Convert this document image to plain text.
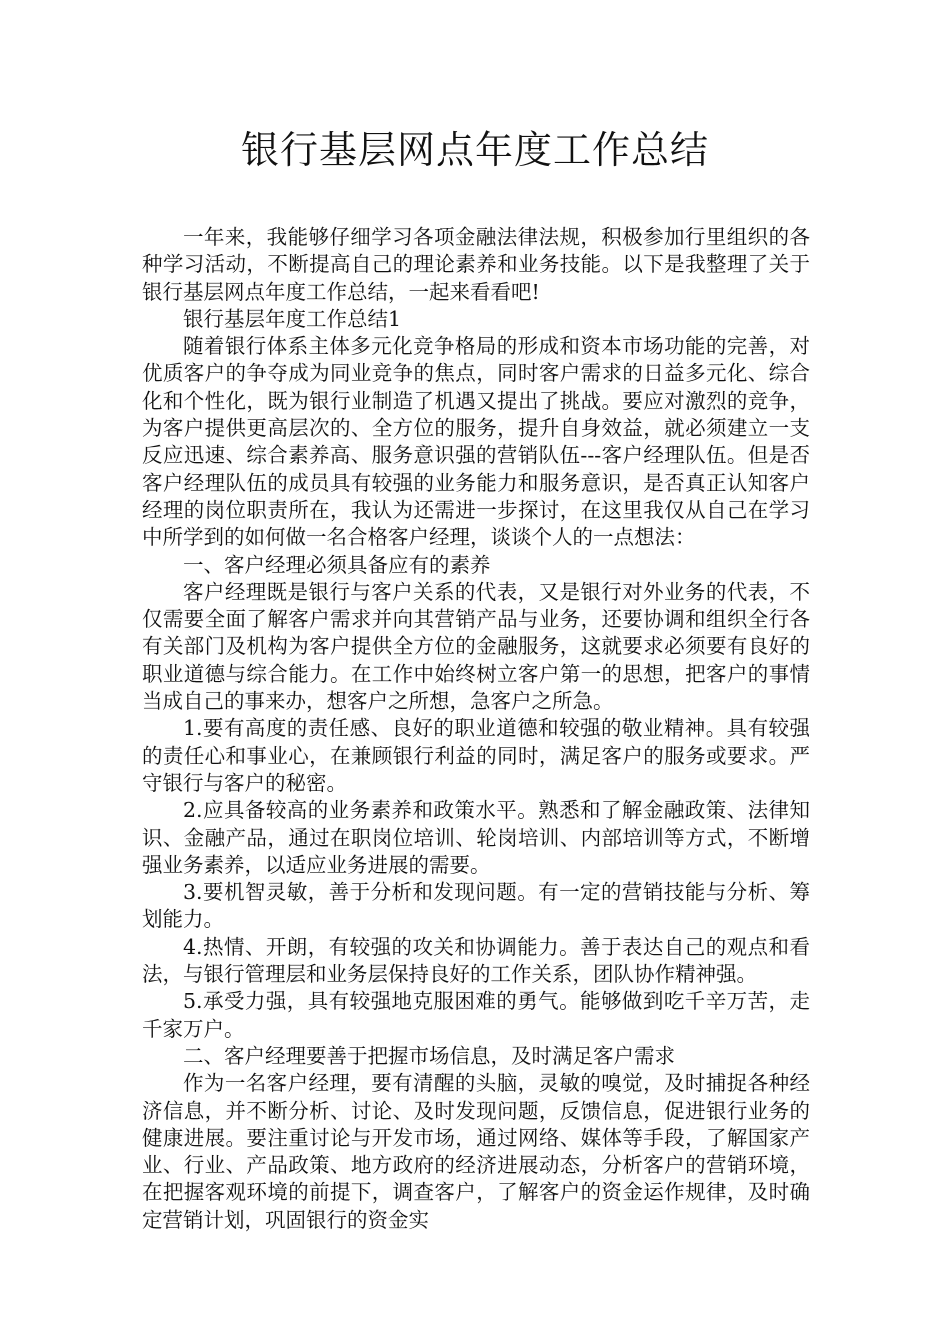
银行基层网点年度工作总结

一年来，我能够仔细学习各项金融法律法规，积极参加行里组织的各种学习活动，不断提高自己的理论素养和业务技能。以下是我整理了关于银行基层网点年度工作总结，一起来看看吧!

银行基层年度工作总结1

随着银行体系主体多元化竞争格局的形成和资本市场功能的完善，对优质客户的争夺成为同业竞争的焦点，同时客户需求的日益多元化、综合化和个性化，既为银行业制造了机遇又提出了挑战。要应对激烈的竞争，为客户提供更高层次的、全方位的服务，提升自身效益，就必须建立一支反应迅速、综合素养高、服务意识强的营销队伍---客户经理队伍。但是否客户经理队伍的成员具有较强的业务能力和服务意识，是否真正认知客户经理的岗位职责所在，我认为还需进一步探讨，在这里我仅从自己在学习中所学到的如何做一名合格客户经理，谈谈个人的一点想法：

一、客户经理必须具备应有的素养

客户经理既是银行与客户关系的代表，又是银行对外业务的代表，不仅需要全面了解客户需求并向其营销产品与业务，还要协调和组织全行各有关部门及机构为客户提供全方位的金融服务，这就要求必须要有良好的职业道德与综合能力。在工作中始终树立客户第一的思想，把客户的事情当成自己的事来办，想客户之所想，急客户之所急。

1.要有高度的责任感、良好的职业道德和较强的敬业精神。具有较强的责任心和事业心，在兼顾银行利益的同时，满足客户的服务或要求。严守银行与客户的秘密。

2.应具备较高的业务素养和政策水平。熟悉和了解金融政策、法律知识、金融产品，通过在职岗位培训、轮岗培训、内部培训等方式，不断增强业务素养，以适应业务进展的需要。

3.要机智灵敏，善于分析和发现问题。有一定的营销技能与分析、筹划能力。

4.热情、开朗，有较强的攻关和协调能力。善于表达自己的观点和看法，与银行管理层和业务层保持良好的工作关系，团队协作精神强。

5.承受力强，具有较强地克服困难的勇气。能够做到吃千辛万苦，走千家万户。

二、客户经理要善于把握市场信息，及时满足客户需求

作为一名客户经理，要有清醒的头脑，灵敏的嗅觉，及时捕捉各种经济信息，并不断分析、讨论、及时发现问题，反馈信息，促进银行业务的健康进展。要注重讨论与开发市场，通过网络、媒体等手段，了解国家产业、行业、产品政策、地方政府的经济进展动态，分析客户的营销环境，在把握客观环境的前提下，调查客户，了解客户的资金运作规律，及时确定营销计划，巩固银行的资金实
